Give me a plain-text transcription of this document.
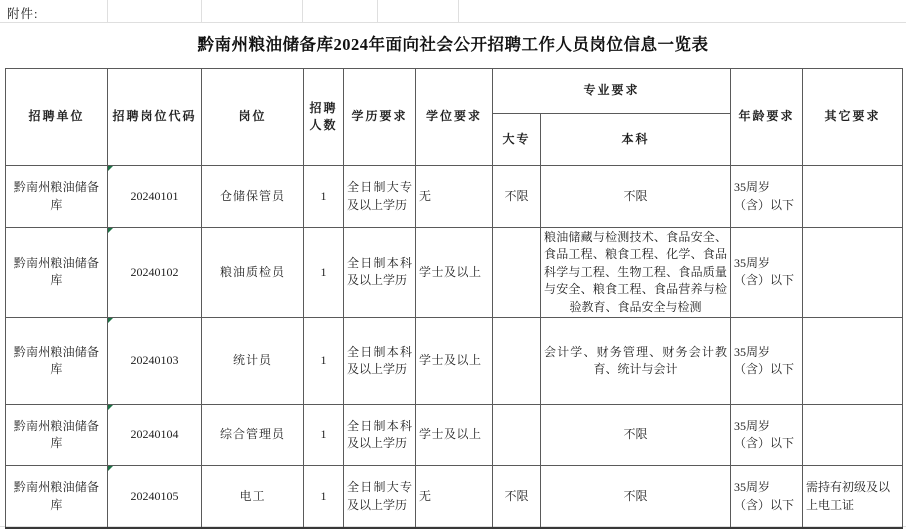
附件:
黔南州粮油储备库2024年面向社会公开招聘工作人员岗位信息一览表
招聘单位	招聘岗位代码	岗位	招聘人数	学历要求	学位要求	专业要求		年龄要求	其它要求
						大专	本科		
黔南州粮油储备库	20240101	仓储保管员	1	全日制大专及以上学历	无	不限	不限	35周岁（含）以下	
黔南州粮油储备库	20240102	粮油质检员	1	全日制本科及以上学历	学士及以上		粮油储藏与检测技术、食品安全、食品工程、粮食工程、化学、食品科学与工程、生物工程、食品质量与安全、粮食工程、食品营养与检验教育、食品安全与检测	35周岁（含）以下	
黔南州粮油储备库	20240103	统计员	1	全日制本科及以上学历	学士及以上		会计学、财务管理、财务会计教育、统计与会计	35周岁（含）以下	
黔南州粮油储备库	20240104	综合管理员	1	全日制本科及以上学历	学士及以上		不限	35周岁（含）以下	
黔南州粮油储备库	20240105	电工	1	全日制大专及以上学历	无	不限	不限	35周岁（含）以下	需持有初级及以上电工证
